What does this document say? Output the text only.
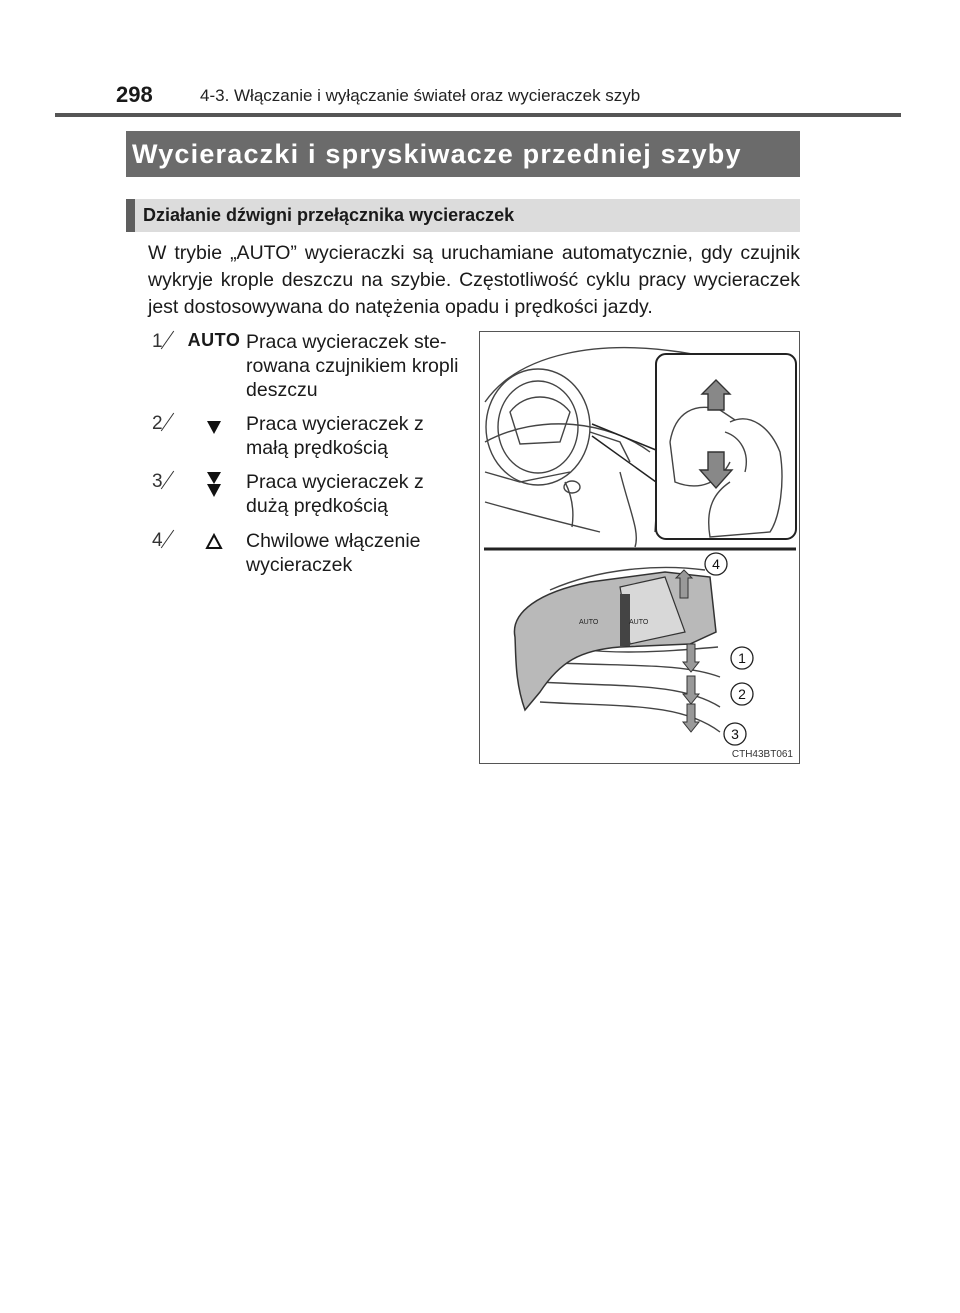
298	4-3. Włączanie i wyłączanie świateł oraz wycieraczek szyb
Wycieraczki i spryskiwacze przedniej szyby
Działanie dźwigni przełącznika wycieraczek

W trybie „AUTO” wycieraczki są uruchamiane automatycznie, gdy czujnik wykryje krople deszczu na szybie. Częstotliwość cyklu pracy wycieraczek jest dostosowywana do natężenia opadu i prędkości jazdy.

1 AUTO Praca wycieraczek ste-rowana czujnikiem kropli deszczu
2	Praca wycieraczek z małą prędkością
3	Praca wycieraczek z dużą prędkością
4	Chwilowe włączenie wycieraczek
AUTO	AUTO
4
1
2
3
CTH43BT061
